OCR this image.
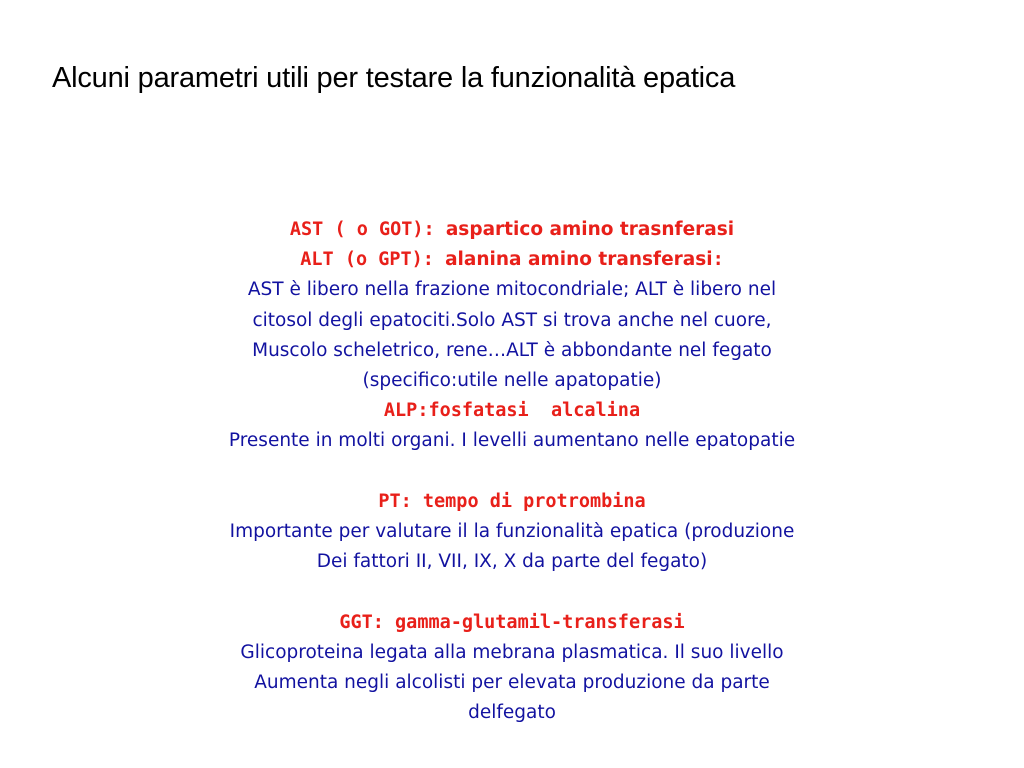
Alcuni parametri utili per testare la funzionalità epatica
AST ( o GOT): aspartico amino trasnferasi
ALT (o GPT): alanina amino transferasi:
AST è libero nella frazione mitocondriale; ALT è libero nel
citosol degli epatociti.Solo AST si trova anche nel cuore,
Muscolo scheletrico, rene…ALT è abbondante nel fegato
(specifico:utile nelle apatopatie)
ALP:fosfatasi  alcalina
Presente in molti organi. I levelli aumentano nelle epatopatie
PT: tempo di protrombina
Importante per valutare il la funzionalità epatica (produzione
Dei fattori II, VII, IX, X da parte del fegato)
GGT: gamma-glutamil-transferasi
Glicoproteina legata alla mebrana plasmatica. Il suo livello
Aumenta negli alcolisti per elevata produzione da parte
delfegato
